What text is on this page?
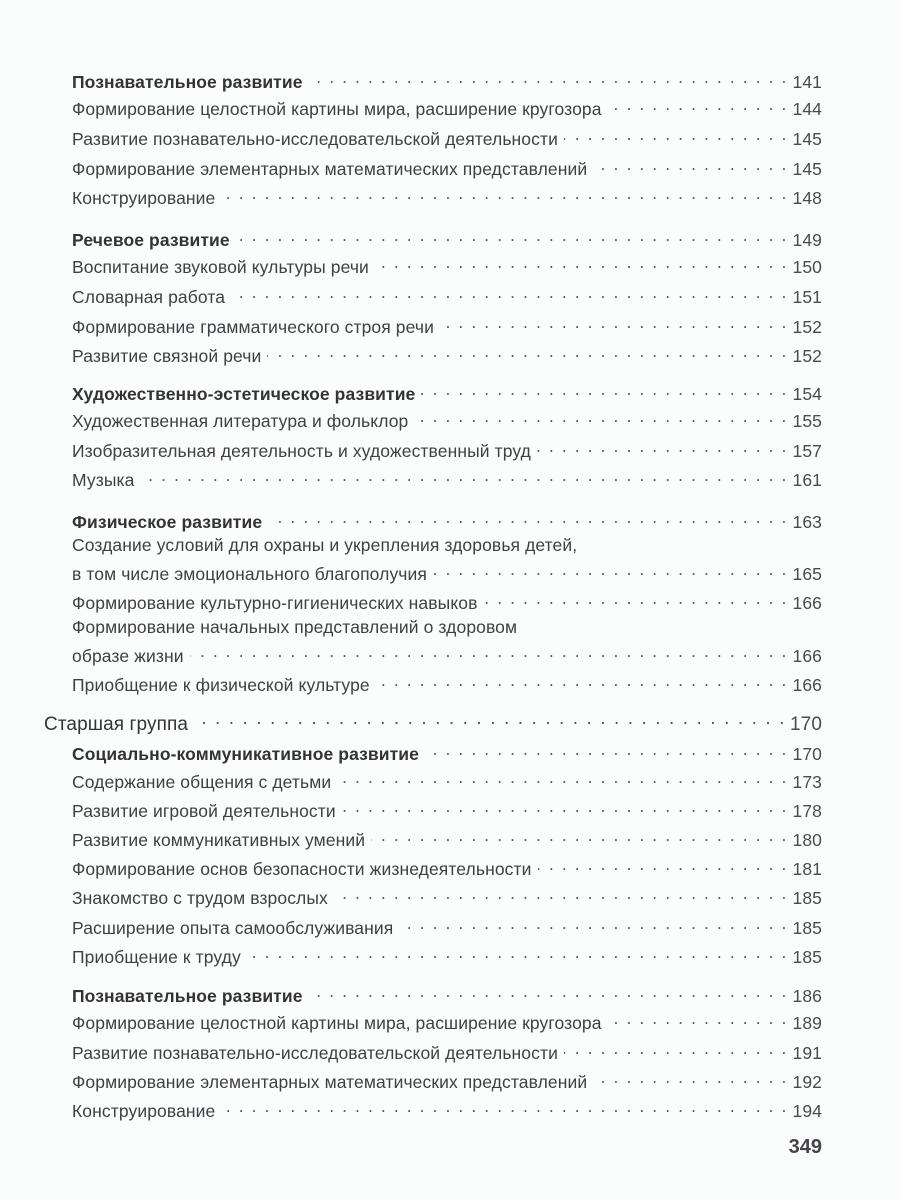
Познавательное развитие . . .	141
Формирование целостной картины мира, расширение кругозора . . .	144
Развитие познавательно-исследовательской деятельности . . .	145
Формирование элементарных математических представлений . . .	145
Конструирование . . .	148
Речевое развитие . . .	149
Воспитание звуковой культуры речи . . .	150
Словарная работа . . .	151
Формирование грамматического строя речи . . .	152
Развитие связной речи . . .	152
Художественно-эстетическое развитие . . .	154
Художественная литература и фольклор . . .	155
Изобразительная деятельность и художественный труд . . .	157
Музыка . . .	161
Физическое развитие . . .	163
Создание условий для охраны и укрепления здоровья детей,
в том числе эмоционального благополучия . . .	165
Формирование культурно-гигиенических навыков . . .	166
Формирование начальных представлений о здоровом
образе жизни . . .	166
Приобщение к физической культуре . . .	166
Старшая группа . . .	170
Социально-коммуникативное развитие . . .	170
Содержание общения с детьми . . .	173
Развитие игровой деятельности . . .	178
Развитие коммуникативных умений . . .	180
Формирование основ безопасности жизнедеятельности . . .	181
Знакомство с трудом взрослых . . .	185
Расширение опыта самообслуживания . . .	185
Приобщение к труду . . .	185
Познавательное развитие . . .	186
Формирование целостной картины мира, расширение кругозора . . .	189
Развитие познавательно-исследовательской деятельности . . .	191
Формирование элементарных математических представлений . . .	192
Конструирование . . .	194
349
